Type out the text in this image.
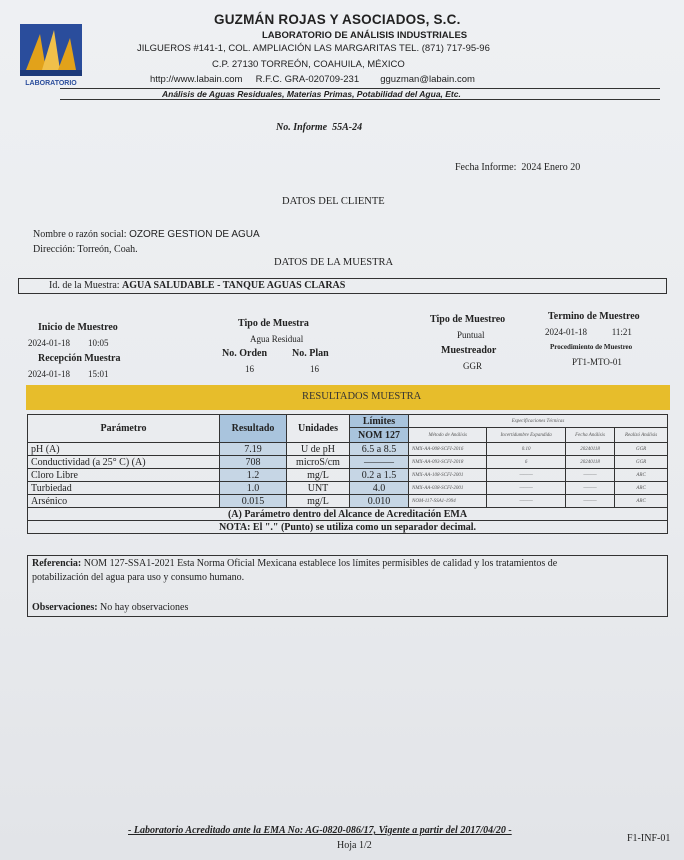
LABORATORIO
GUZMÁN ROJAS Y ASOCIADOS, S.C.
LABORATORIO DE ANÁLISIS INDUSTRIALES
JILGUEROS #141-1, COL. AMPLIACIÓN LAS MARGARITAS TEL. (871) 717-95-96
C.P. 27130 TORREÓN, COAHUILA, MÉXICO
http://www.labain.com R.F.C. GRA-020709-231 gguzman@labain.com
Análisis de Aguas Residuales, Materias Primas, Potabilidad del Agua, Etc.
No. Informe 55A-24
Fecha Informe: 2024 Enero 20
DATOS DEL CLIENTE
Nombre o razón social: OZORE GESTION DE AGUA
Dirección: Torreón, Coah.
DATOS DE LA MUESTRA
Id. de la Muestra: AGUA SALUDABLE - TANQUE AGUAS CLARAS
Inicio de Muestreo
2024-01-18 10:05
Recepción Muestra
2024-01-18 15:01
Tipo de Muestra
Agua Residual
No. Orden	No. Plan
16	16
Tipo de Muestreo
Puntual
Muestreador
GGR
Termino de Muestreo
2024-01-18	11:21
Procedimiento de Muestreo
PT1-MTO-01
RESULTADOS MUESTRA
Parámetro	Resultado	Unidades	Límites	Especificaciones Técnicas			
			NOM 127	Método de Análisis	Incertidumbre Expandida	Fecha Análisis	Realizó Análisis
pH (A)	7.19	U de pH	6.5 a 8.5	NMX-AA-008-SCFI-2016	0.10	20240118	GGR
Conductividad (a 25° C) (A)	708	microS/cm	———	NMX-AA-093-SCFI-2018	6	20240118	GGR
Cloro Libre	1.2	mg/L	0.2 a 1.5	NMX-AA-108-SCFI-2001	———	———	ARC
Turbiedad	1.0	UNT	4.0	NMX-AA-038-SCFI-2001	———	———	ARC
Arsénico	0.015	mg/L	0.010	NOM-117-SSA1-1994	———	———	ARC
(A) Parámetro dentro del Alcance de Acreditación EMA							
NOTA: El "." (Punto) se utiliza como un separador decimal.							
Referencia: NOM 127-SSA1-2021 Esta Norma Oficial Mexicana establece los límites permisibles de calidad y los tratamientos de
potabilización del agua para uso y consumo humano.
Observaciones: No hay observaciones
- Laboratorio Acreditado ante la EMA No: AG-0820-086/17, Vigente a partir del 2017/04/20 -
Hoja 1/2
F1-INF-01
